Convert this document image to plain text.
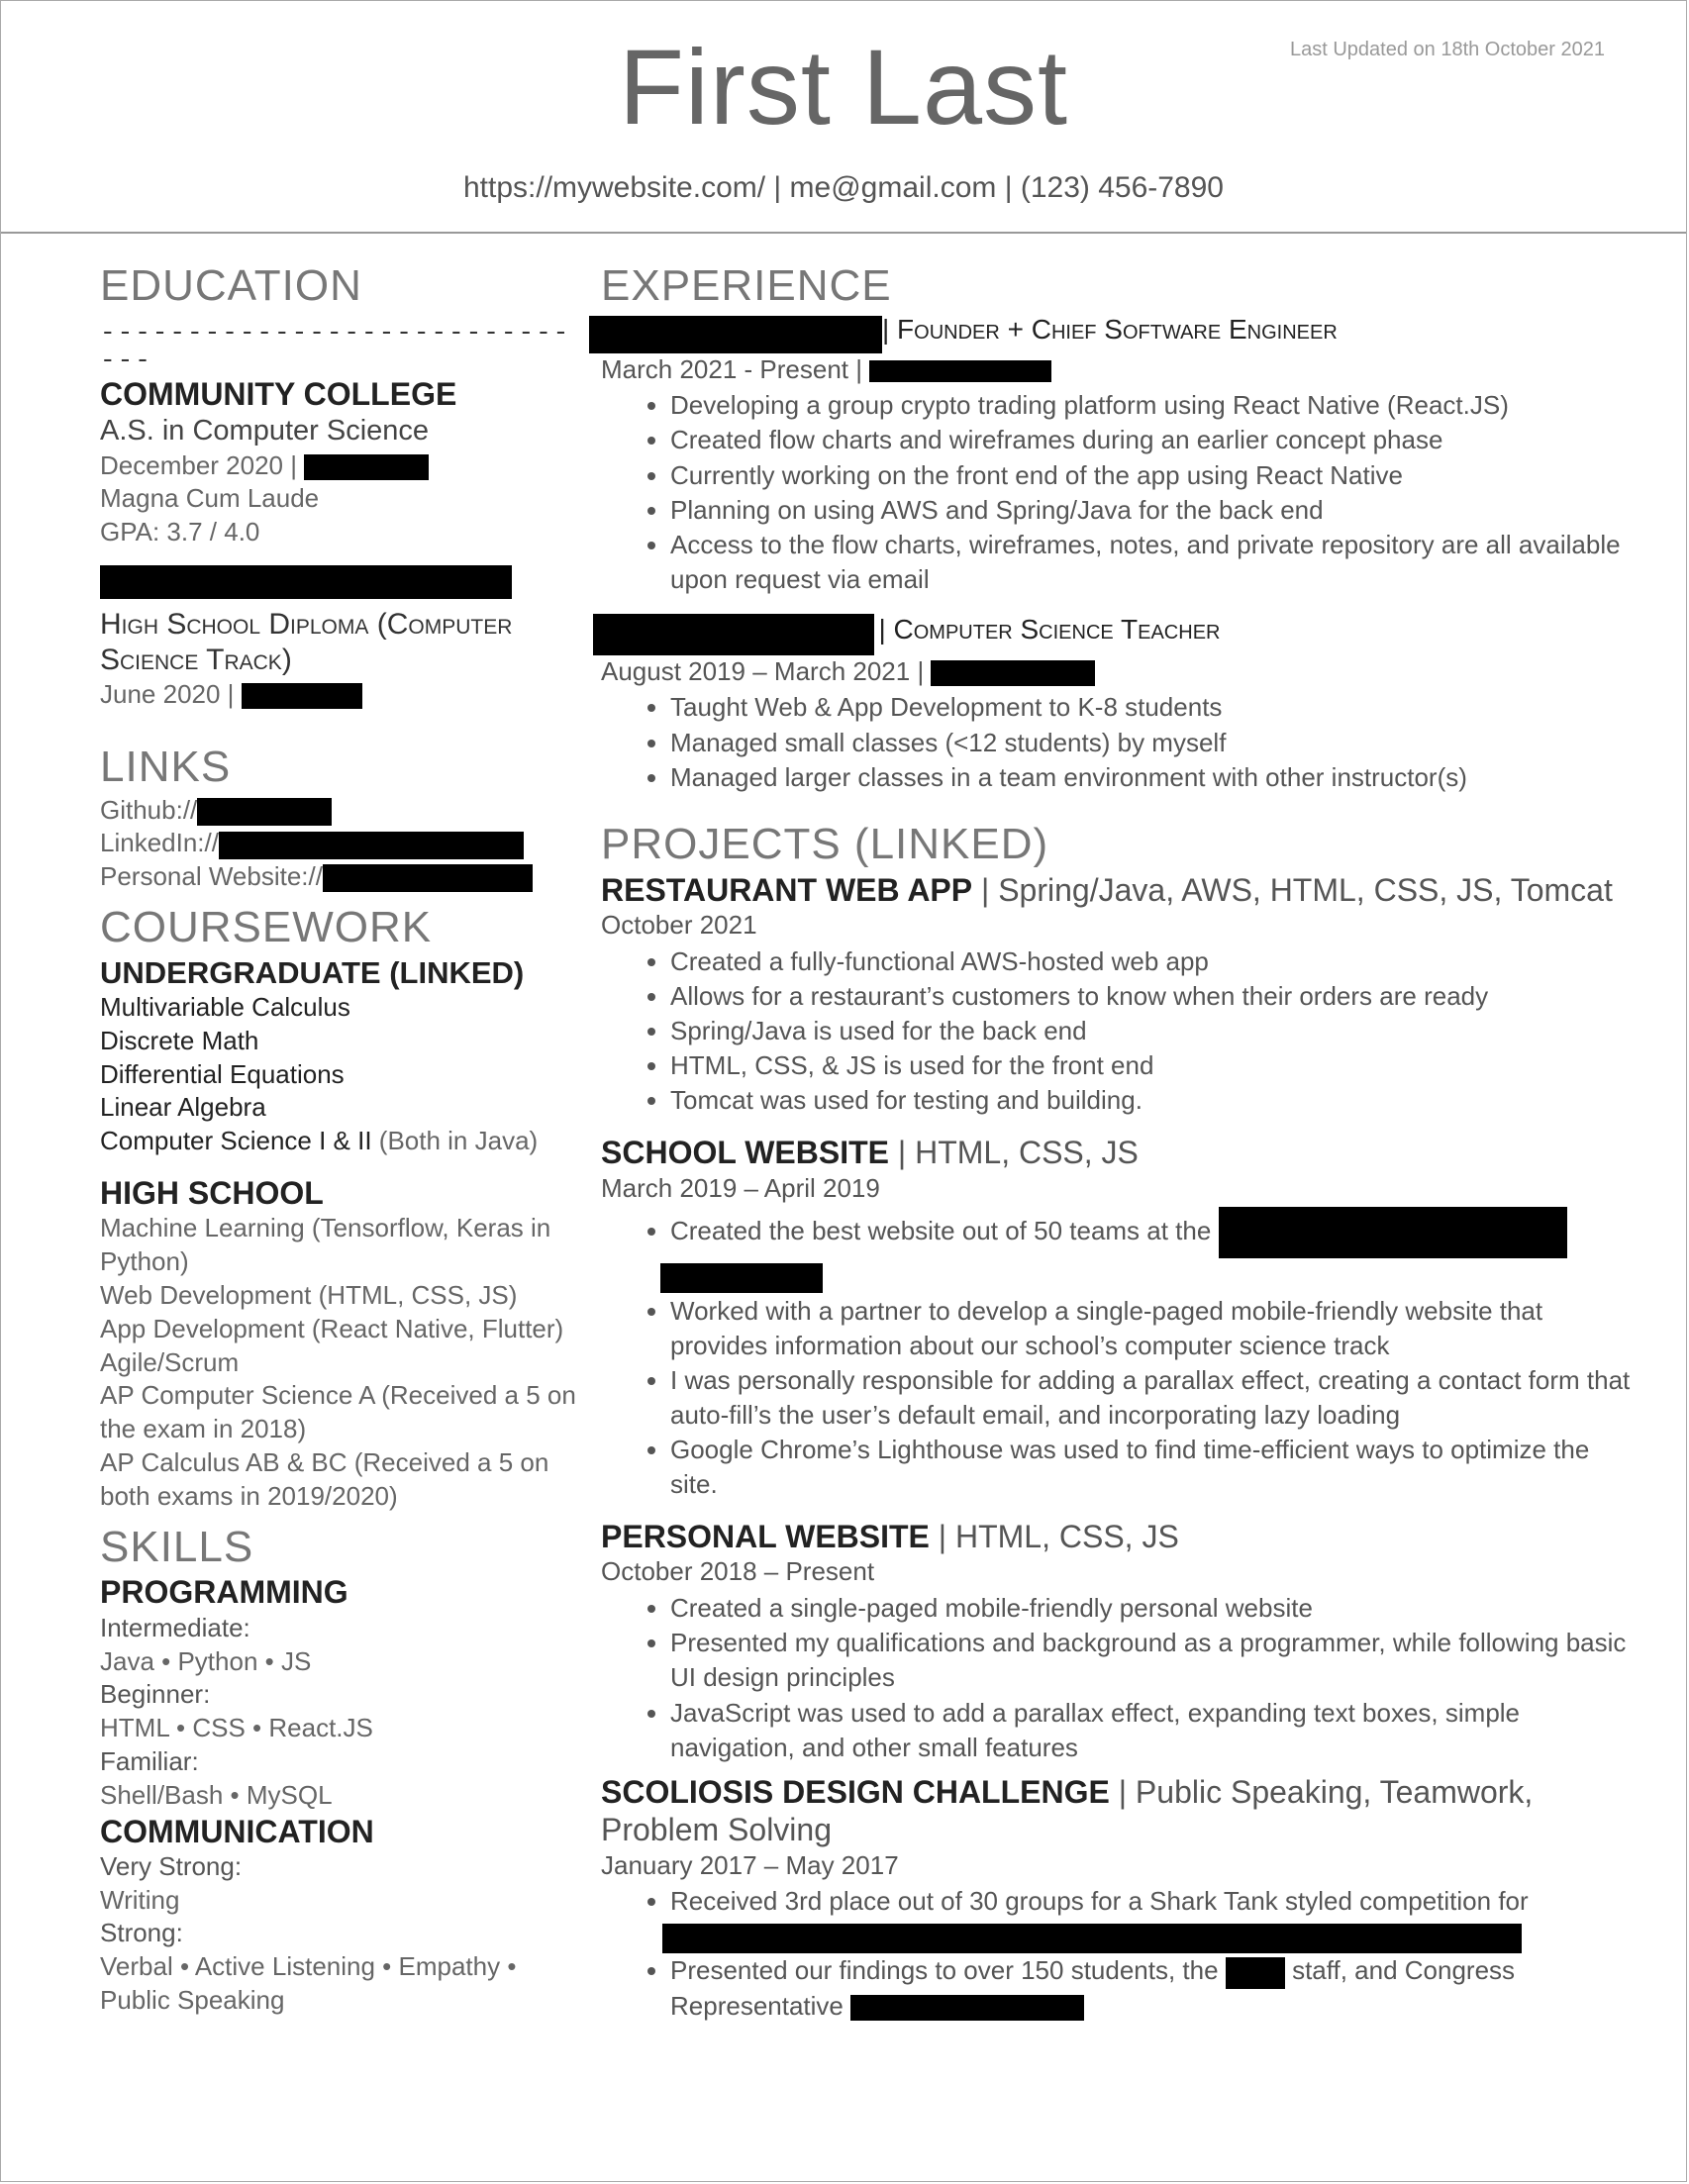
First Last	Last Updated on 18th October 2021
https://mywebsite.com/ | me@gmail.com | (123) 456-7890
EDUCATION
------------------------------
COMMUNITY COLLEGE
A.S. in Computer Science
December 2020 |
Magna Cum Laude
GPA: 3.7 / 4.0
High School Diploma (Computer
Science Track)
June 2020 |
LINKS
Github://
LinkedIn://
Personal Website://
COURSEWORK
UNDERGRADUATE (LINKED)
Multivariable Calculus
Discrete Math
Differential Equations
Linear Algebra
Computer Science I & II (Both in Java)
HIGH SCHOOL
Machine Learning (Tensorflow, Keras in Python)
Web Development (HTML, CSS, JS)
App Development (React Native, Flutter)
Agile/Scrum
AP Computer Science A (Received a 5 on the exam in 2018)
AP Calculus AB & BC (Received a 5 on both exams in 2019/2020)
SKILLS
PROGRAMMING
Intermediate:
Java • Python • JS
Beginner:
HTML • CSS • React.JS
Familiar:
Shell/Bash • MySQL
COMMUNICATION
Very Strong:
Writing
Strong:
Verbal • Active Listening • Empathy • Public Speaking
EXPERIENCE
| Founder + Chief Software Engineer
March 2021 - Present |
• Developing a group crypto trading platform using React Native (React.JS)
• Created flow charts and wireframes during an earlier concept phase
• Currently working on the front end of the app using React Native
• Planning on using AWS and Spring/Java for the back end
• Access to the flow charts, wireframes, notes, and private repository are all available upon request via email
| Computer Science Teacher
August 2019 – March 2021 |
• Taught Web & App Development to K-8 students
• Managed small classes (<12 students) by myself
• Managed larger classes in a team environment with other instructor(s)
PROJECTS (LINKED)
RESTAURANT WEB APP | Spring/Java, AWS, HTML, CSS, JS, Tomcat
October 2021
• Created a fully-functional AWS-hosted web app
• Allows for a restaurant’s customers to know when their orders are ready
• Spring/Java is used for the back end
• HTML, CSS, & JS is used for the front end
• Tomcat was used for testing and building.
SCHOOL WEBSITE | HTML, CSS, JS
March 2019 – April 2019
• Created the best website out of 50 teams at the

• Worked with a partner to develop a single-paged mobile-friendly website that provides information about our school’s computer science track
• I was personally responsible for adding a parallax effect, creating a contact form that auto-fill’s the user’s default email, and incorporating lazy loading
• Google Chrome’s Lighthouse was used to find time-efficient ways to optimize the site.
PERSONAL WEBSITE | HTML, CSS, JS
October 2018 – Present
• Created a single-paged mobile-friendly personal website
• Presented my qualifications and background as a programmer, while following basic UI design principles
• JavaScript was used to add a parallax effect, expanding text boxes, simple navigation, and other small features
SCOLIOSIS DESIGN CHALLENGE | Public Speaking, Teamwork, Problem Solving
January 2017 – May 2017
• Received 3rd place out of 30 groups for a Shark Tank styled competition for

• Presented our findings to over 150 students, the	staff, and Congress Representative
